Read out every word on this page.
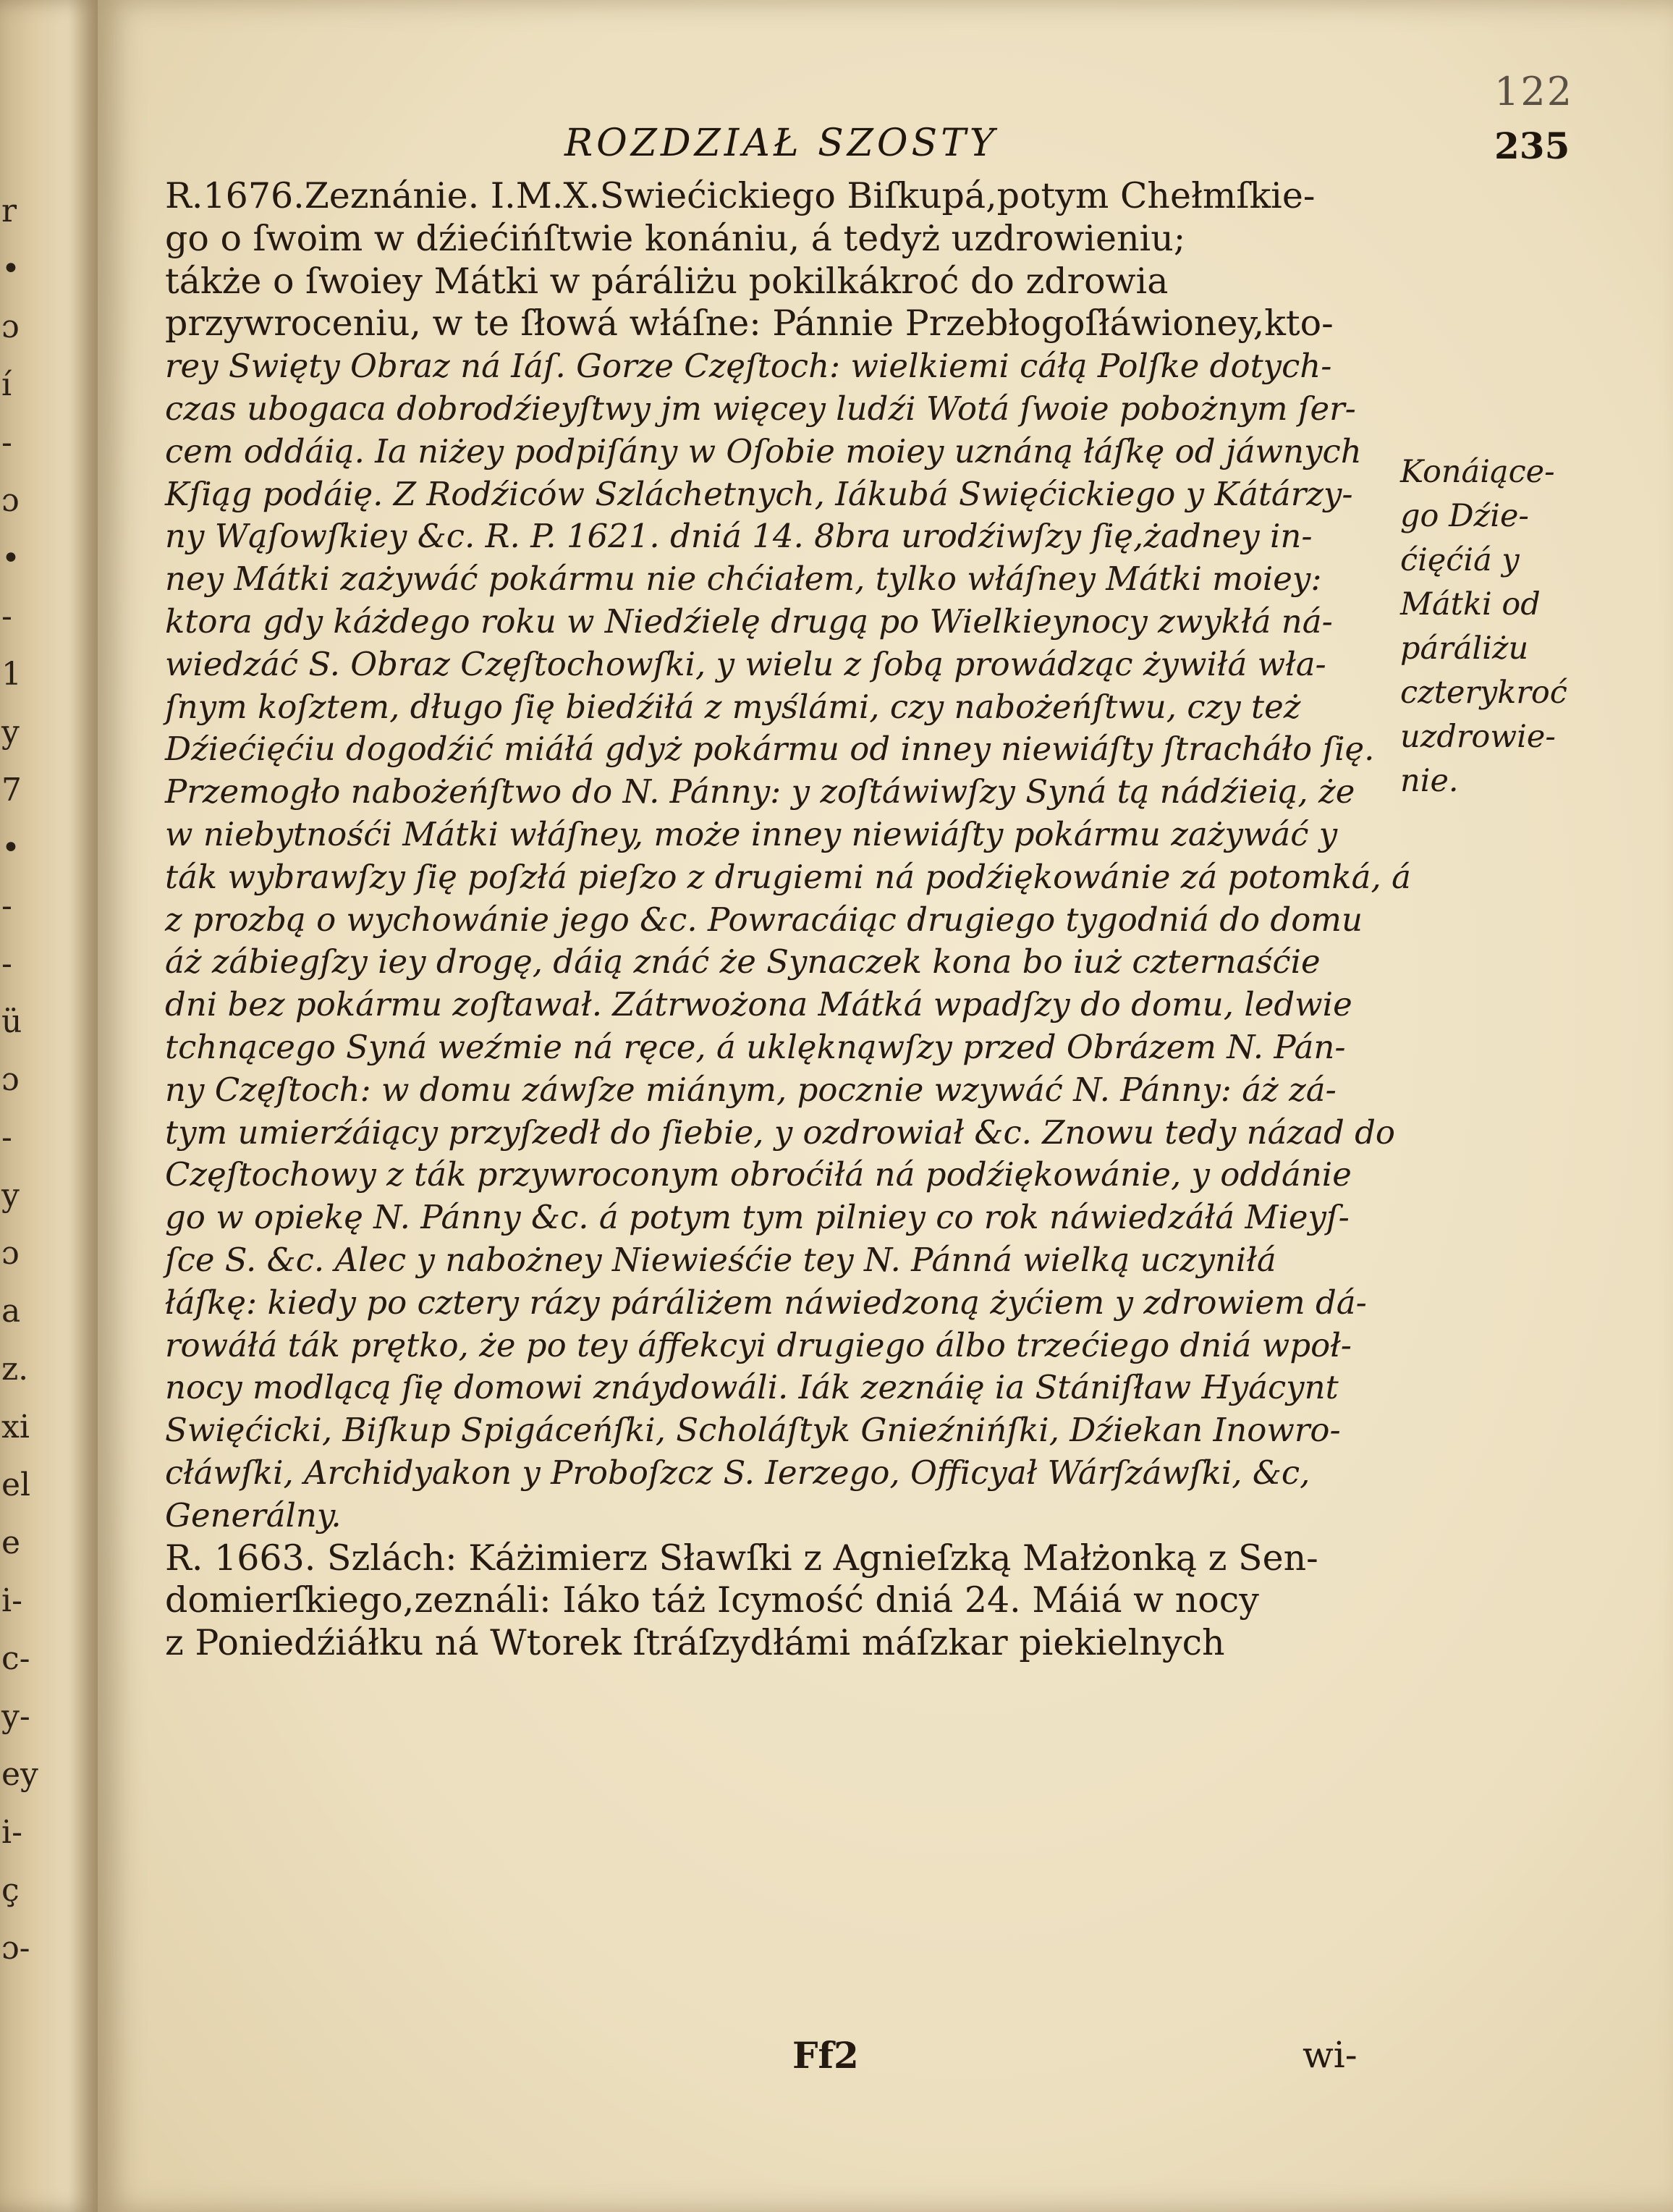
r
•
ɔ
í
-
ɔ
•
-
1
y
7
•
-
-
ü
ɔ
-
y
ɔ
a
z.
xi
el
e
i-
c-
y-
ey
i-
ç
ɔ-
122
ROZDZIAŁ SZOSTY	235
R.1676.Zeznánie. I.M.X.Swiećickiego Biſkupá,potym Chełmſkie-
go o ſwoim w dźiećińſtwie konániu, á tedyż uzdrowieniu;
tákże o ſwoiey Mátki w páráliżu pokilkákroć do zdrowia
przywroceniu, w te ſłowá włáſne: Pánnie Przebłogoſłáwioney,kto-
rey Swięty Obraz ná Iáſ. Gorze Częſtoch: wielkiemi cáłą Polſke dotych-
czas ubogaca dobrodźieyſtwy jm więcey ludźi Wotá ſwoie pobożnym ſer-
cem oddáią. Ia niżey podpiſány w Oſobie moiey uznáną łáſkę od jáwnych
Kſiąg podáię. Z Rodźiców Szláchetnych, Iákubá Swięćickiego y Kátárzy-
ny Wąſowſkiey &c. R. P. 1621. dniá 14. 8bra urodźiwſzy ſię,żadney in-
ney Mátki zażywáć pokármu nie chćiałem, tylko włáſney Mátki moiey:
ktora gdy káżdego roku w Niedźielę drugą po Wielkieynocy zwykłá ná-
wiedzáć S. Obraz Częſtochowſki, y wielu z ſobą prowádząc żywiłá wła-
ſnym koſztem, długo ſię biedźiłá z myślámi, czy nabożeńſtwu, czy też
Dźiećięćiu dogodźić miáłá gdyż pokármu od inney niewiáſty ſtracháło ſię.
Przemogło nabożeńſtwo do N. Pánny: y zoſtáwiwſzy Syná tą nádźieią, że
w niebytnośći Mátki włáſney, może inney niewiáſty pokármu zażywáć y
ták wybrawſzy ſię poſzłá pieſzo z drugiemi ná podźiękowánie zá potomká, á
z prozbą o wychowánie jego &c. Powracáiąc drugiego tygodniá do domu
áż zábiegſzy iey drogę, dáią znáć że Synaczek kona bo iuż czternaśćie
dni bez pokármu zoſtawał. Zátrwożona Mátká wpadſzy do domu, ledwie
tchnącego Syná weźmie ná ręce, á uklęknąwſzy przed Obrázem N. Pán-
ny Częſtoch: w domu záwſze miánym, pocznie wzywáć N. Pánny: áż zá-
tym umierźáiący przyſzedł do ſiebie, y ozdrowiał &c. Znowu tedy názad do
Częſtochowy z ták przywroconym obroćiłá ná podźiękowánie, y oddánie
go w opiekę N. Pánny &c. á potym tym pilniey co rok náwiedzáłá Mieyſ-
ſce S. &c. Alec y nabożney Niewieśćie tey N. Pánná wielką uczyniłá
łáſkę: kiedy po cztery rázy páráliżem náwiedzoną żyćiem y zdrowiem dá-
rowáłá ták prętko, że po tey áffekcyi drugiego álbo trzećiego dniá wpoł-
nocy modlącą ſię domowi znáydowáli. Iák zeznáię ia Stániſław Hyácynt
Swięćicki, Biſkup Spigáceńſki, Scholáſtyk Gnieźnińſki, Dźiekan Inowro-
cłáwſki, Archidyakon y Proboſzcz S. Ierzego, Officyał Wárſzáwſki, &c,
Generálny.
R. 1663. Szlách: Káżimierz Sławſki z Agnieſzką Małżonką z Sen-
domierſkiego,zeználi: Iáko táż Icymość dniá 24. Máiá w nocy
z Poniedźiáłku ná Wtorek ſtráſzydłámi máſzkar piekielnych
Konáiące-
go Dźie-
ćięćiá y
Mátki od
páráliżu
czterykroć
uzdrowie-
nie.
Ff2	wi-
